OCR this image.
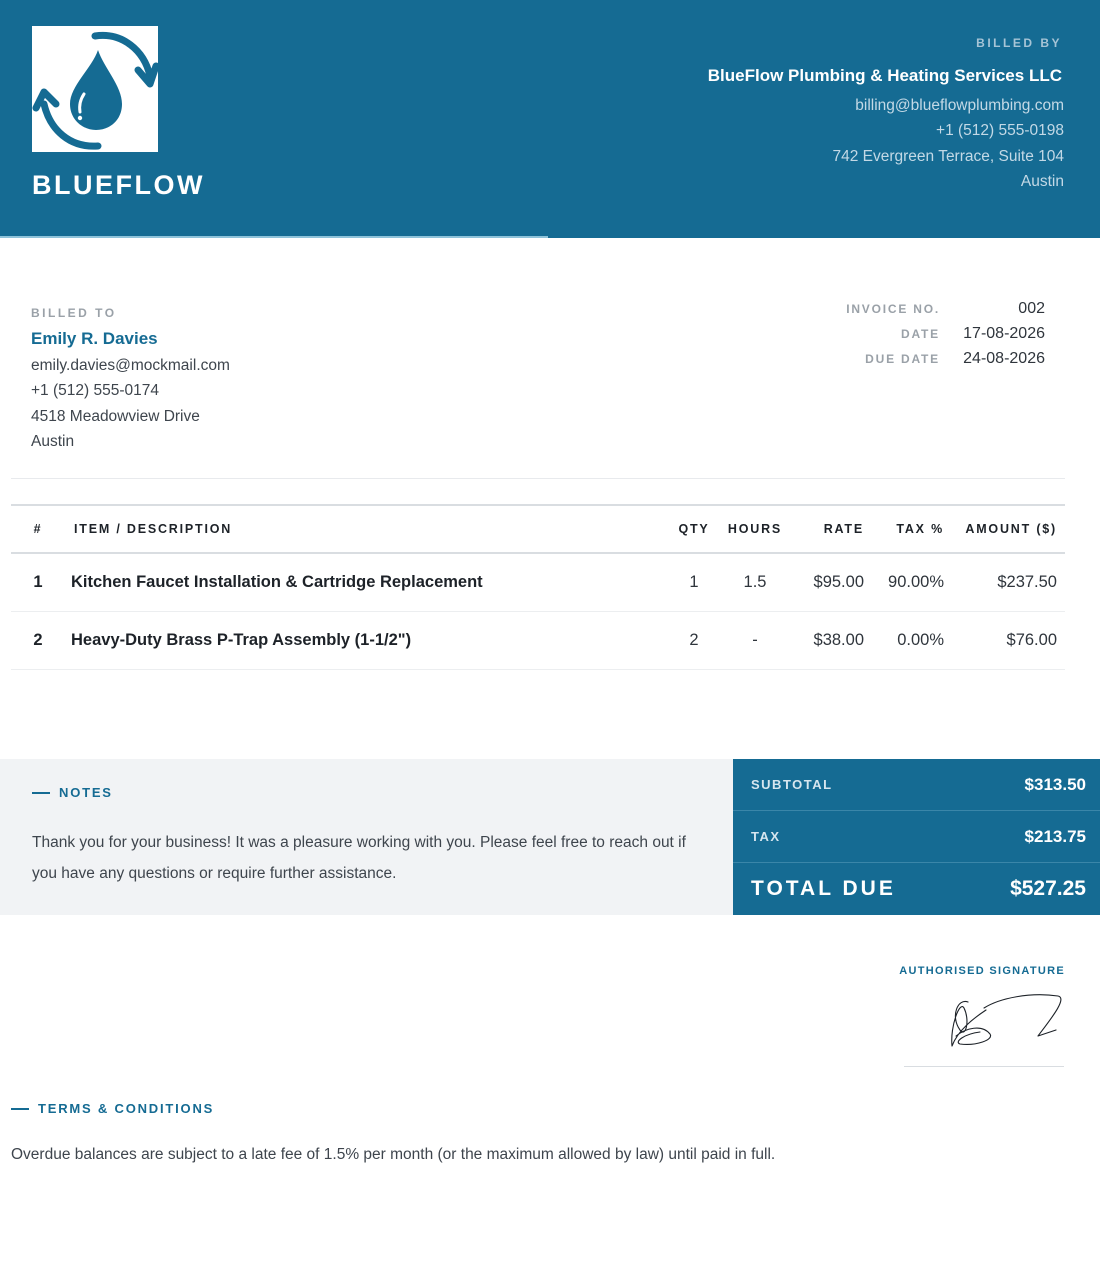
BLUEFLOW
BILLED BY
BlueFlow Plumbing & Heating Services LLC
billing@blueflowplumbing.com
+1 (512) 555-0198
742 Evergreen Terrace, Suite 104
Austin
BILLED TO
Emily R. Davies
emily.davies@mockmail.com
+1 (512) 555-0174
4518 Meadowview Drive
Austin
INVOICE NO.	002
DATE	17-08-2026
DUE DATE	24-08-2026
#	ITEM / DESCRIPTION	QTY	HOURS	RATE	TAX %	AMOUNT ($)
1	Kitchen Faucet Installation & Cartridge Replacement	1	1.5	$95.00	90.00%	$237.50
2	Heavy-Duty Brass P-Trap Assembly (1-1/2")	2	-	$38.00	0.00%	$76.00
NOTES
Thank you for your business! It was a pleasure working with you. Please feel free to reach out if you have any questions or require further assistance.
SUBTOTAL	$313.50
TAX	$213.75
TOTAL DUE	$527.25
AUTHORISED SIGNATURE
TERMS & CONDITIONS
Overdue balances are subject to a late fee of 1.5% per month (or the maximum allowed by law) until paid in full.
